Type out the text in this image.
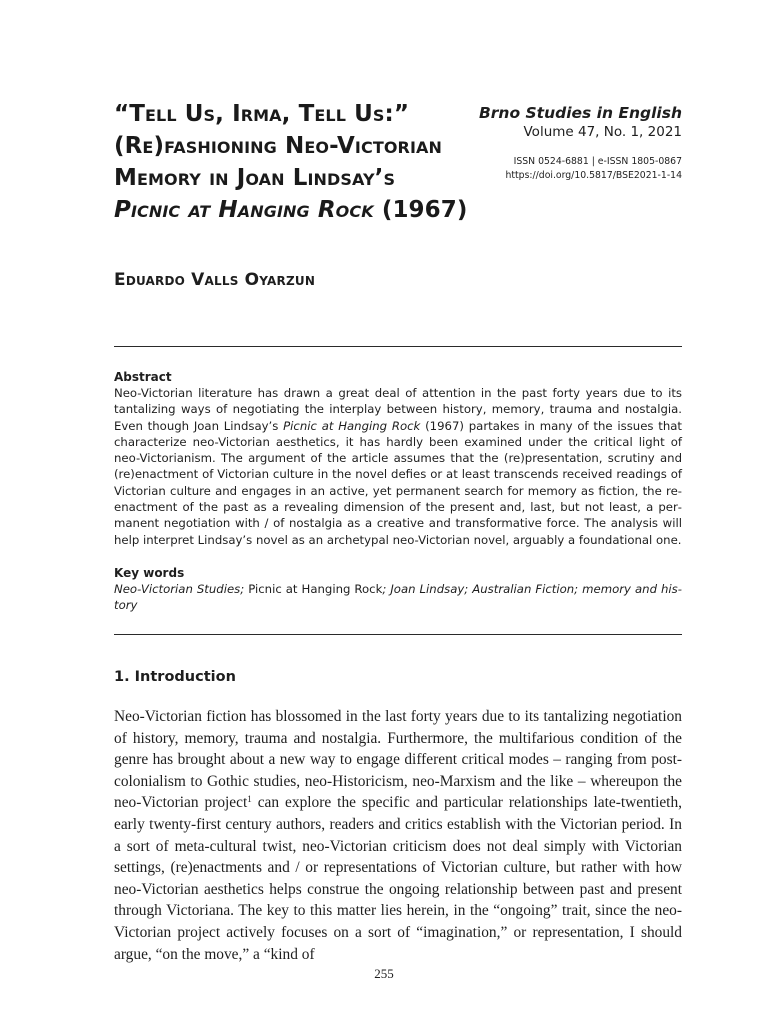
“Tell Us, Irma, Tell Us:”
(Re)fashioning Neo-Victorian
Memory in Joan Lindsay’s
Picnic at Hanging Rock (1967)
Brno Studies in English
Volume 47, No. 1, 2021
ISSN 0524-6881 | e-ISSN 1805-0867
https://doi.org/10.5817/BSE2021-1-14
Eduardo Valls Oyarzun
Abstract
Neo-Victorian literature has drawn a great deal of attention in the past forty years due to its tantalizing ways of negotiating the interplay between history, memory, trauma and nostalgia. Even though Joan Lindsay’s Picnic at Hanging Rock (1967) partakes in many of the issues that characterize neo-Victorian aesthetics, it has hardly been examined under the critical light of neo-Victorianism. The argument of the article assumes that the (re)presentation, scrutiny and (re)enactment of Victorian culture in the novel defies or at least transcends received readings of Victorian culture and engages in an active, yet permanent search for memory as fiction, the re-enactment of the past as a revealing dimension of the present and, last, but not least, a permanent negotiation with / of nostalgia as a creative and transformative force. The analysis will help interpret Lindsay’s novel as an archetypal neo-Victorian novel, arguably a foundational one.
Key words
Neo-Victorian Studies; Picnic at Hanging Rock; Joan Lindsay; Australian Fiction; memory and history
1. Introduction
Neo-Victorian fiction has blossomed in the last forty years due to its tantalizing negotiation of history, memory, trauma and nostalgia. Furthermore, the multifarious condition of the genre has brought about a new way to engage different critical modes – ranging from post-colonialism to Gothic studies, neo-Historicism, neo-Marxism and the like – whereupon the neo-Victorian project$^1$ can explore the specific and particular relationships late-twentieth, early twenty-first century authors, readers and critics establish with the Victorian period. In a sort of meta-cultural twist, neo-Victorian criticism does not deal simply with Victorian settings, (re)enactments and / or representations of Victorian culture, but rather with how neo-Victorian aesthetics helps construe the ongoing relationship between past and present through Victoriana. The key to this matter lies herein, in the “ongoing” trait, since the neo-Victorian project actively focuses on a sort of “imagination,” or representation, I should argue, “on the move,” a “kind of
255
